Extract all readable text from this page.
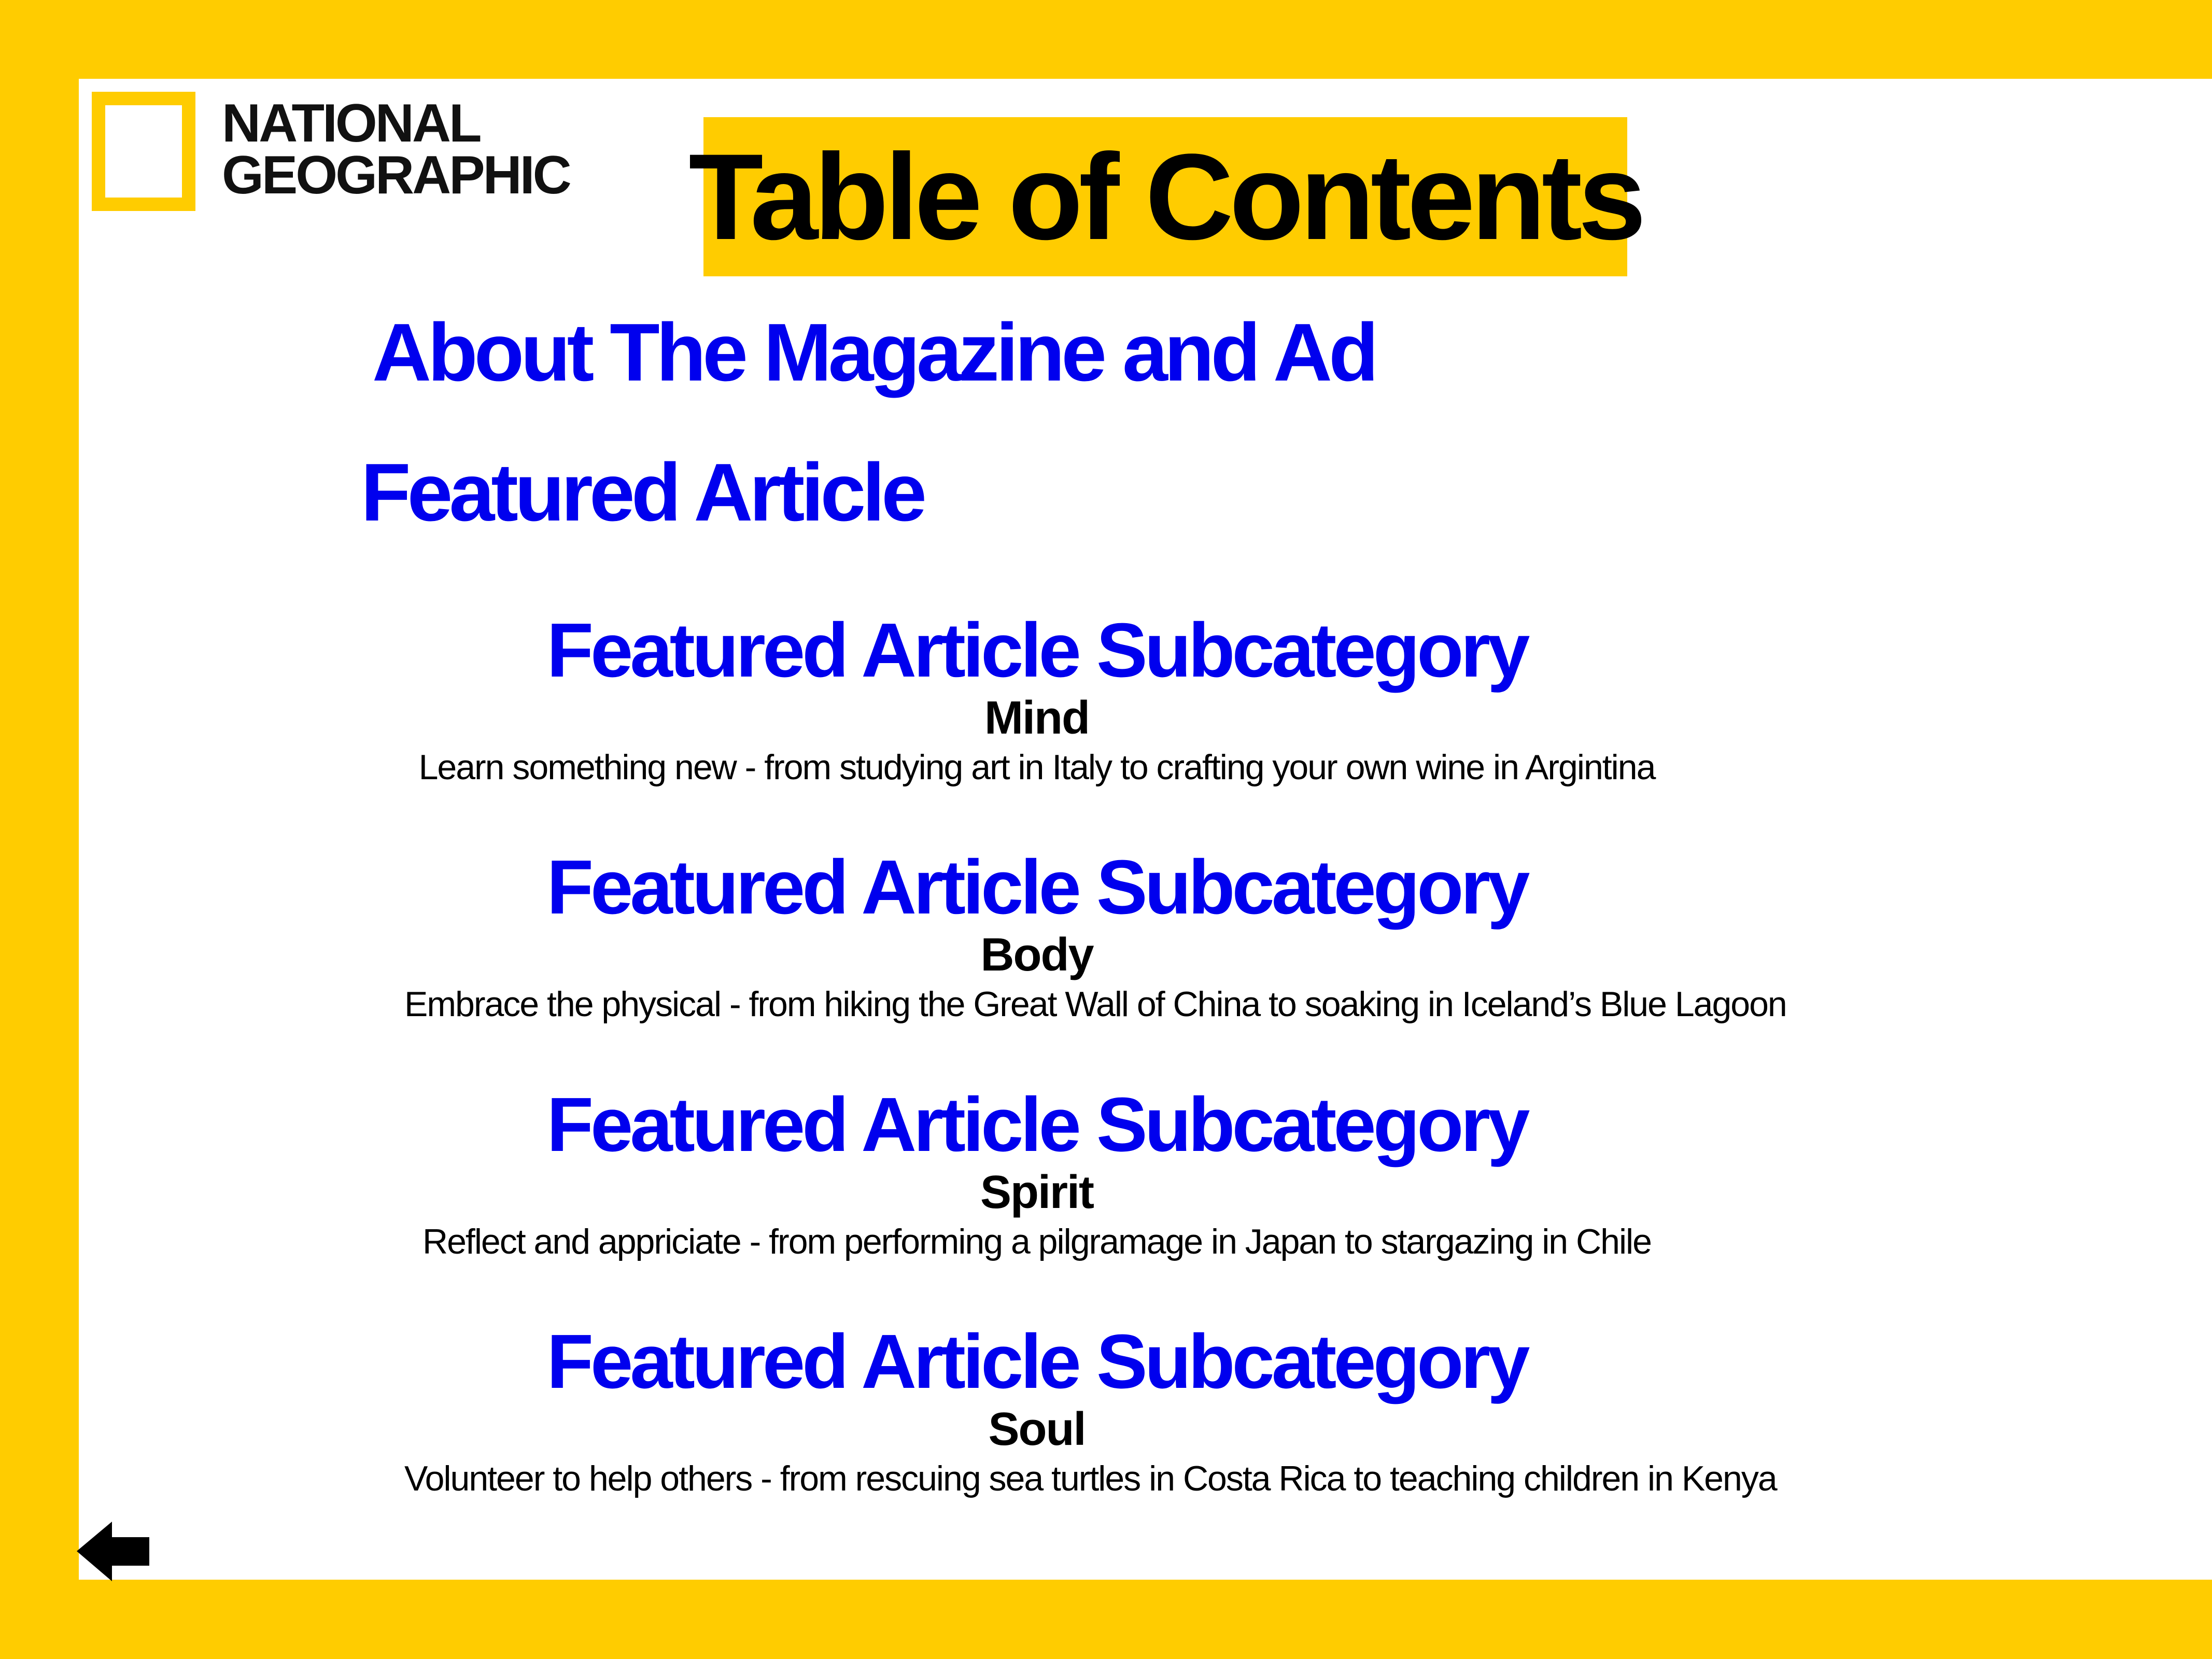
NATIONAL
GEOGRAPHIC Table of Contents
About The Magazine and Ad
Featured Article
Featured Article Subcategory
Mind
Learn something new - from studying art in Italy to crafting your own wine in Argintina
Featured Article Subcategory
Body
Embrace the physical - from hiking the Great Wall of China to soaking in Iceland’s Blue Lagoon
Featured Article Subcategory
Spirit
Reflect and appriciate - from performing a pilgramage in Japan to stargazing in Chile
Featured Article Subcategory
Soul
Volunteer to help others - from rescuing sea turtles in Costa Rica to teaching children in Kenya
